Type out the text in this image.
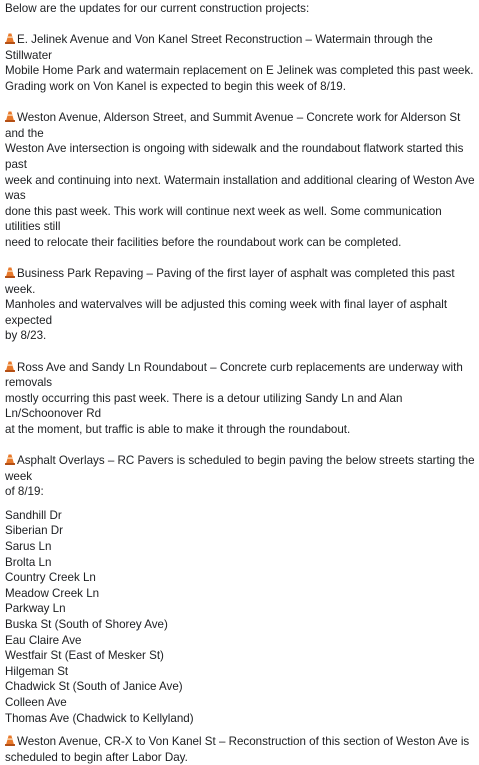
Below are the updates for our current construction projects:
E. Jelinek Avenue and Von Kanel Street Reconstruction – Watermain through the Stillwater
Mobile Home Park and watermain replacement on E Jelinek was completed this past week.
Grading work on Von Kanel is expected to begin this week of 8/19.
Weston Avenue, Alderson Street, and Summit Avenue – Concrete work for Alderson St and the
Weston Ave intersection is ongoing with sidewalk and the roundabout flatwork started this past
week and continuing into next. Watermain installation and additional clearing of Weston Ave was
done this past week. This work will continue next week as well. Some communication utilities still
need to relocate their facilities before the roundabout work can be completed.
Business Park Repaving – Paving of the first layer of asphalt was completed this past week.
Manholes and watervalves will be adjusted this coming week with final layer of asphalt expected
by 8/23.
Ross Ave and Sandy Ln Roundabout – Concrete curb replacements are underway with removals
mostly occurring this past week. There is a detour utilizing Sandy Ln and Alan Ln/Schoonover Rd
at the moment, but traffic is able to make it through the roundabout.
Asphalt Overlays – RC Pavers is scheduled to begin paving the below streets starting the week
of 8/19:
Sandhill Dr
Siberian Dr
Sarus Ln
Brolta Ln
Country Creek Ln
Meadow Creek Ln
Parkway Ln
Buska St (South of Shorey Ave)
Eau Claire Ave
Westfair St (East of Mesker St)
Hilgeman St
Chadwick St (South of Janice Ave)
Colleen Ave
Thomas Ave (Chadwick to Kellyland)
Weston Avenue, CR-X to Von Kanel St – Reconstruction of this section of Weston Ave is
scheduled to begin after Labor Day.
